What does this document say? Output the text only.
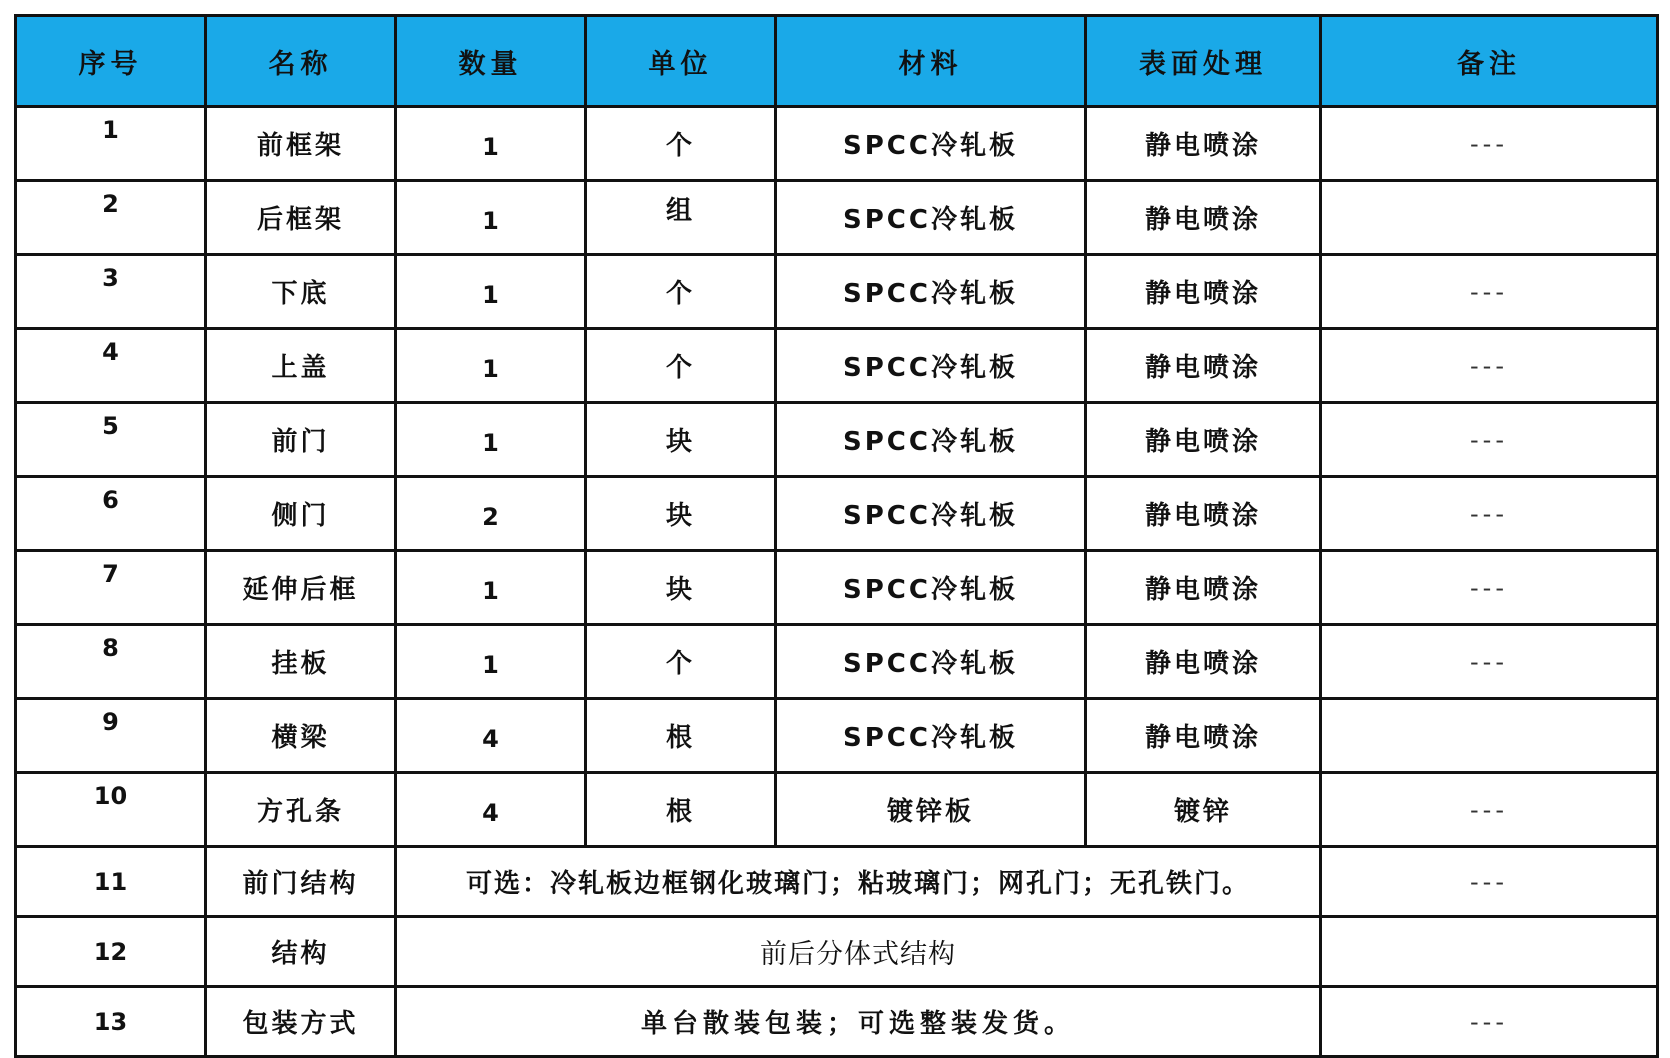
序号	名称	数量	单位	材料	表面处理	备注
1	前框架	1	个	SPCC冷轧板	静电喷涂	---
2	后框架	1	组	SPCC冷轧板	静电喷涂	
3	下底	1	个	SPCC冷轧板	静电喷涂	---
4	上盖	1	个	SPCC冷轧板	静电喷涂	---
5	前门	1	块	SPCC冷轧板	静电喷涂	---
6	侧门	2	块	SPCC冷轧板	静电喷涂	---
7	延伸后框	1	块	SPCC冷轧板	静电喷涂	---
8	挂板	1	个	SPCC冷轧板	静电喷涂	---
9	横梁	4	根	SPCC冷轧板	静电喷涂	
10	方孔条	4	根	镀锌板	镀锌	---
11	前门结构	可选：冷轧板边框钢化玻璃门；粘玻璃门；网孔门；无孔铁门。				---
12	结构	前后分体式结构				
13	包装方式	单台散装包装；可选整装发货。				---
